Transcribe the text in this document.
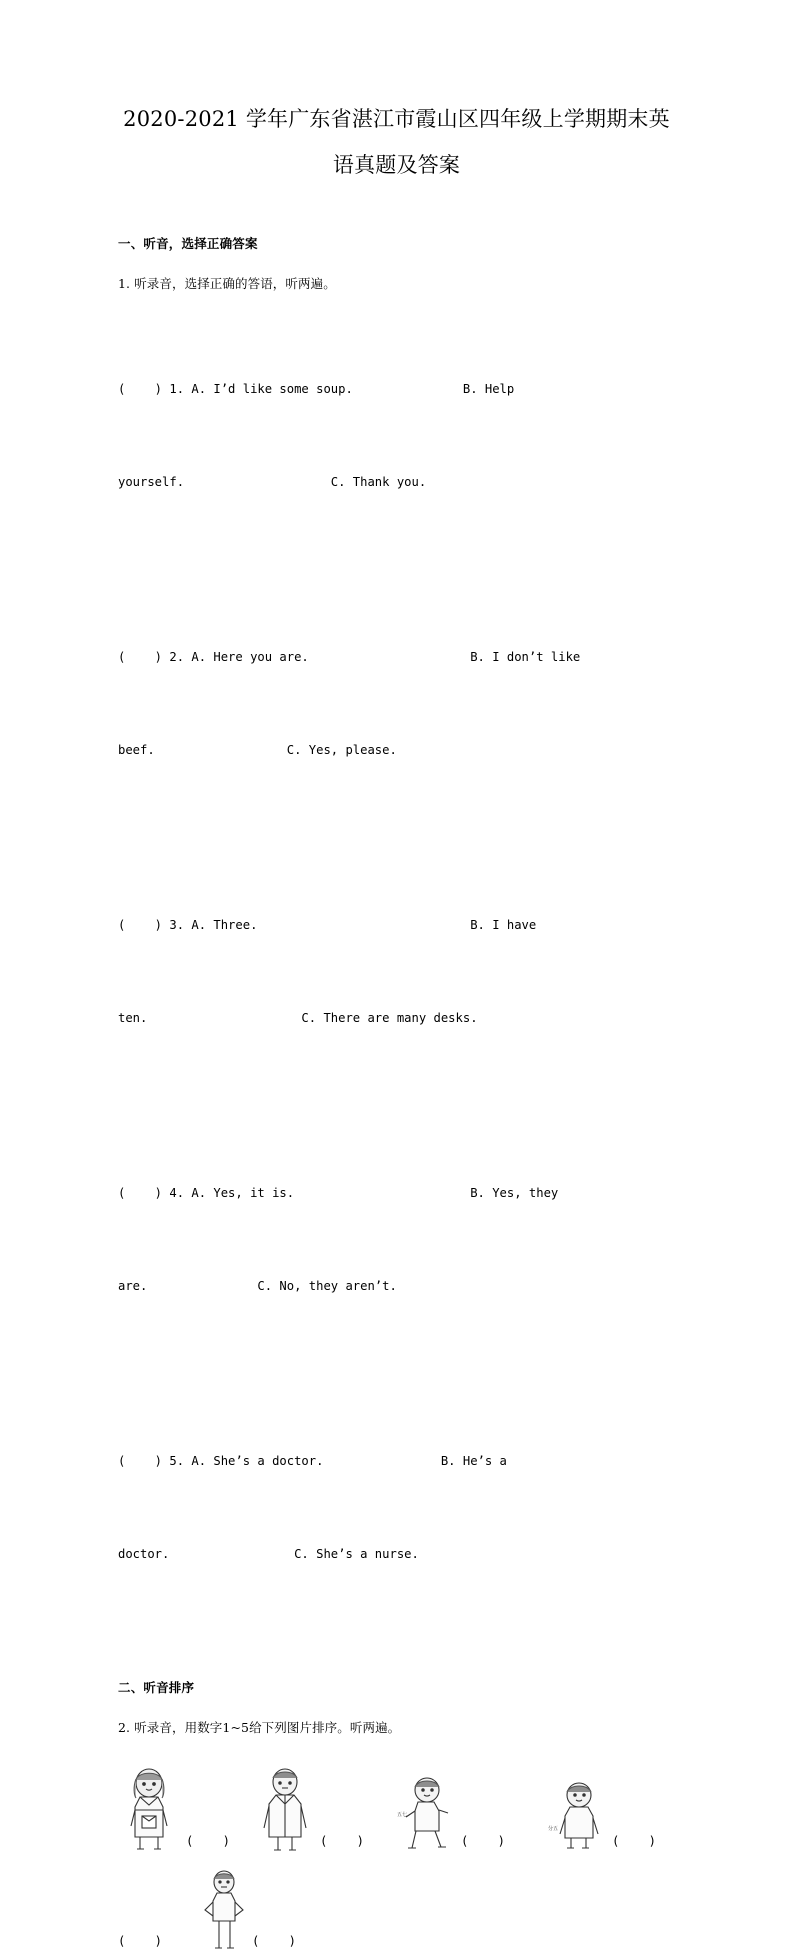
2020-2021 学年广东省湛江市霞山区四年级上学期期末英语真题及答案
一、听音，选择正确答案
1. 听录音，选择正确的答语，听两遍。

(    ) 1. A. I’d like some soup.               B. Help

yourself.                    C. Thank you.

(    ) 2. A. Here you are.                      B. I don’t like

beef.                  C. Yes, please.

(    ) 3. A. Three.                             B. I have

ten.                     C. There are many desks.

(    ) 4. A. Yes, it is.                        B. Yes, they

are.               C. No, they aren’t.

(    ) 5. A. She’s a doctor.                B. He’s a

doctor.                 C. She’s a nurse.

二、听音排序
2. 听录音，用数字1~5给下列图片排序。听两遍。
(    )	(    )
五七
(    )
分五
(    )
(    )	(    )
